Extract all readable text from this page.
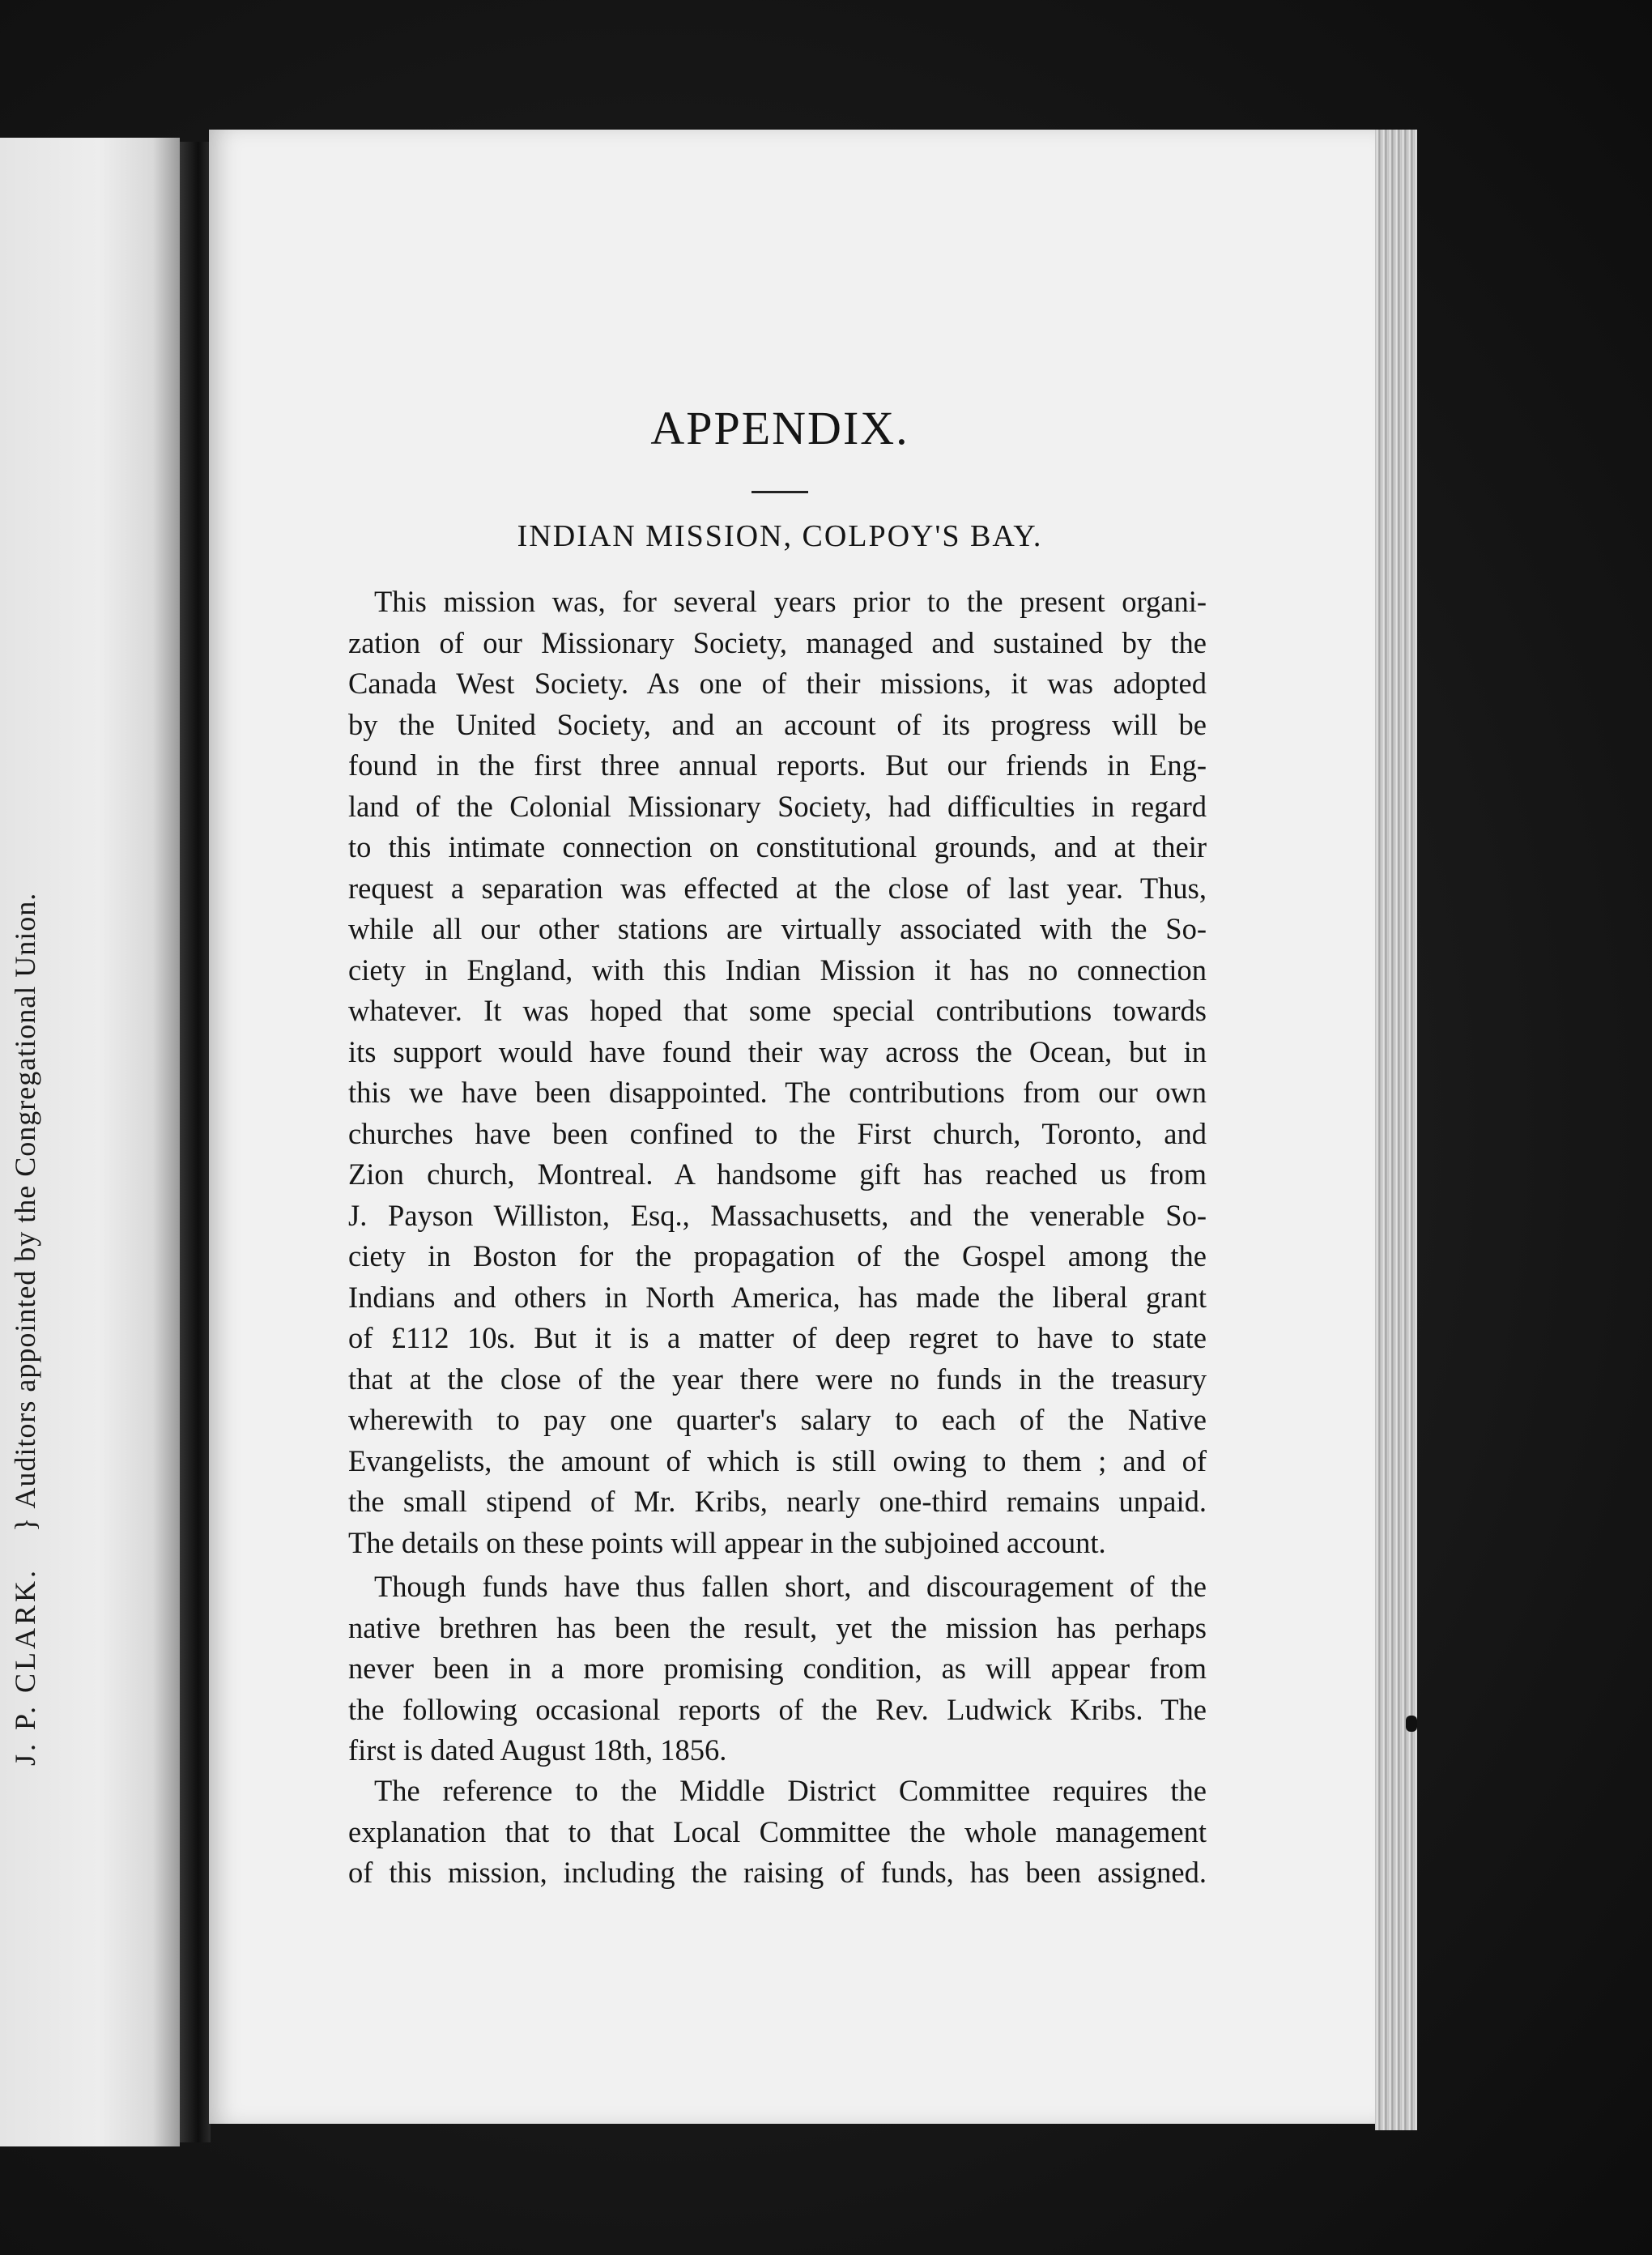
J. P. CLARK.}Auditors appointed by the Congregational Union.
APPENDIX.
INDIAN MISSION, COLPOY'S BAY.
This mission was, for several years prior to the present organi-
zation of our Missionary Society, managed and sustained by the
Canada West Society. As one of their missions, it was adopted
by the United Society, and an account of its progress will be
found in the first three annual reports. But our friends in Eng-
land of the Colonial Missionary Society, had difficulties in regard
to this intimate connection on constitutional grounds, and at their
request a separation was effected at the close of last year. Thus,
while all our other stations are virtually associated with the So-
ciety in England, with this Indian Mission it has no connection
whatever. It was hoped that some special contributions towards
its support would have found their way across the Ocean, but in
this we have been disappointed. The contributions from our own
churches have been confined to the First church, Toronto, and
Zion church, Montreal. A handsome gift has reached us from
J. Payson Williston, Esq., Massachusetts, and the venerable So-
ciety in Boston for the propagation of the Gospel among the
Indians and others in North America, has made the liberal grant
of £112 10s. But it is a matter of deep regret to have to state
that at the close of the year there were no funds in the treasury
wherewith to pay one quarter's salary to each of the Native
Evangelists, the amount of which is still owing to them ; and of
the small stipend of Mr. Kribs, nearly one-third remains unpaid.
The details on these points will appear in the subjoined account.
Though funds have thus fallen short, and discouragement of the
native brethren has been the result, yet the mission has perhaps
never been in a more promising condition, as will appear from
the following occasional reports of the Rev. Ludwick Kribs. The
first is dated August 18th, 1856.
The reference to the Middle District Committee requires the
explanation that to that Local Committee the whole management
of this mission, including the raising of funds, has been assigned.
